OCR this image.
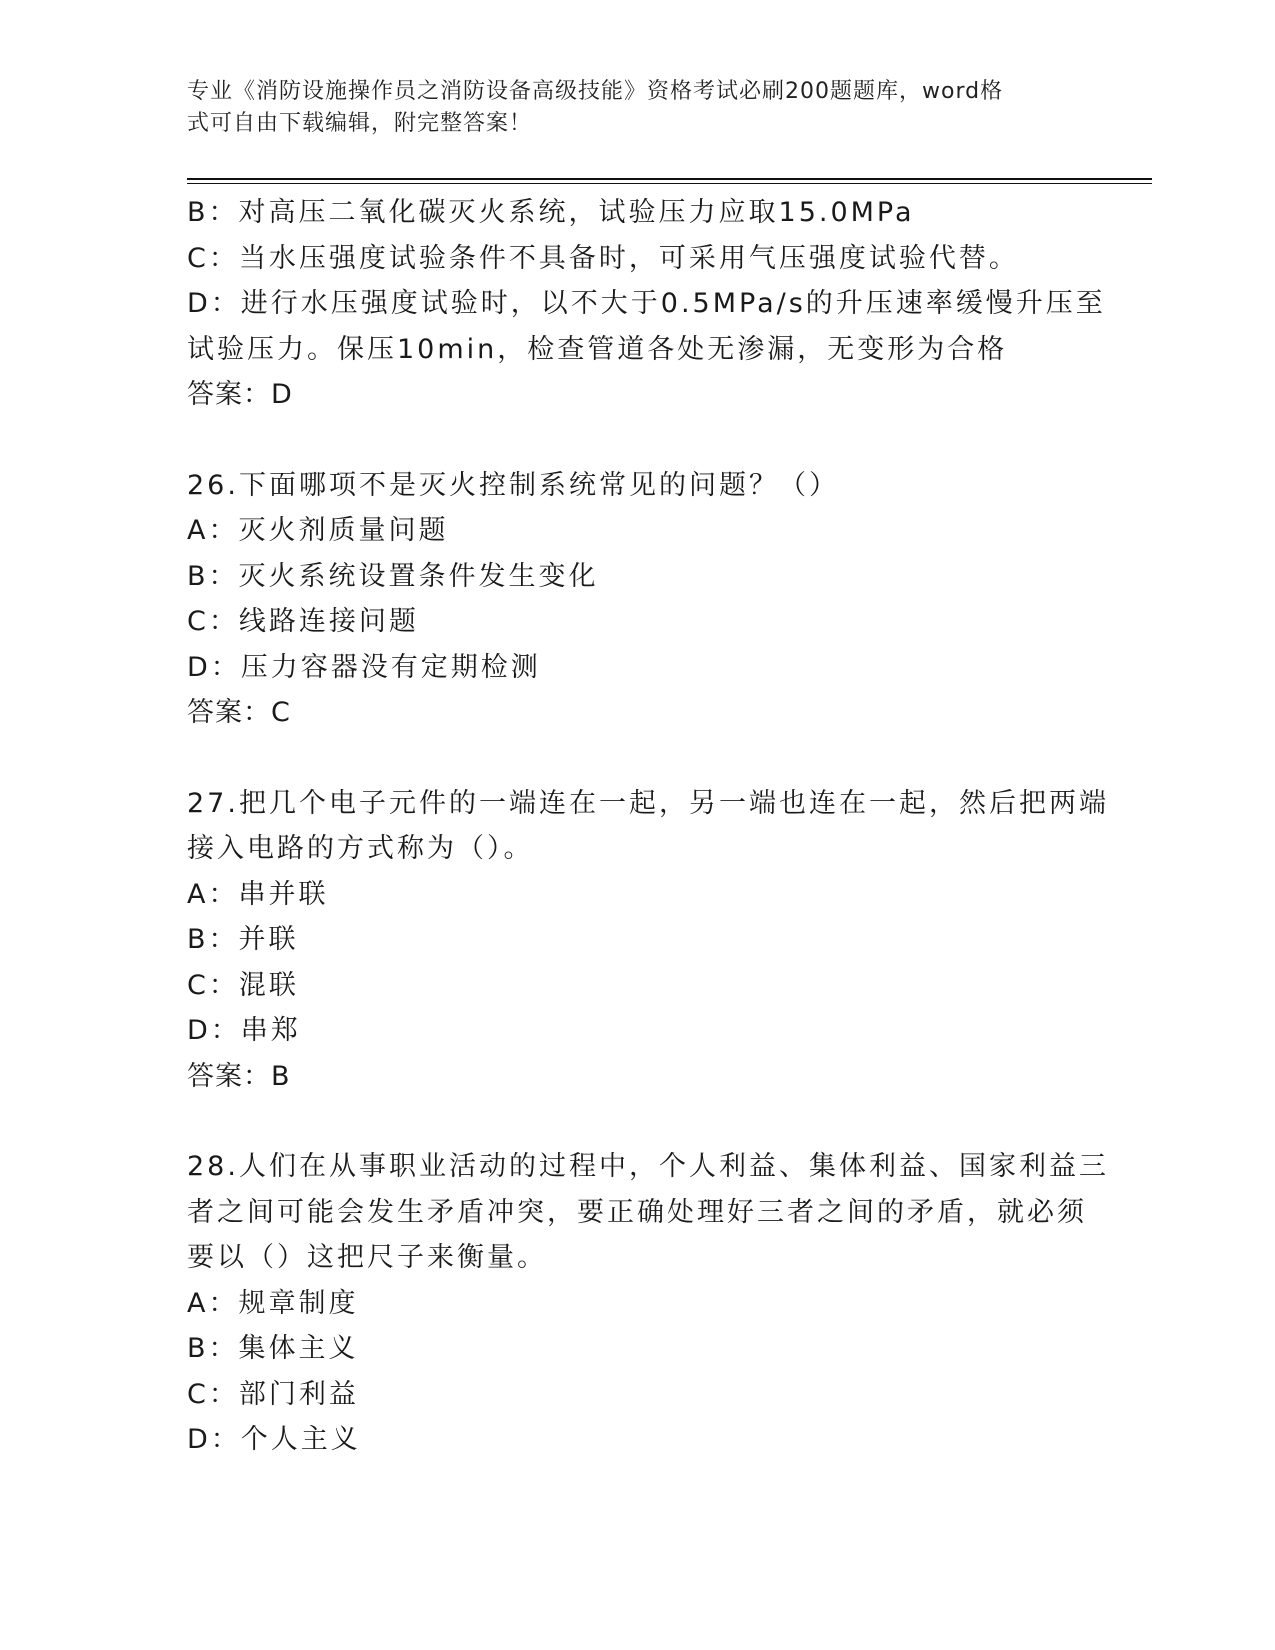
专业《消防设施操作员之消防设备高级技能》资格考试必刷200题题库，word格
式可自由下载编辑，附完整答案！
B：对高压二氧化碳灭火系统，试验压力应取15.0MPa
C：当水压强度试验条件不具备时，可采用气压强度试验代替。
D：进行水压强度试验时，以不大于0.5MPa/s的升压速率缓慢升压至
试验压力。保压10min，检查管道各处无渗漏，无变形为合格
答案：D
26.下面哪项不是灭火控制系统常见的问题？（）
A：灭火剂质量问题
B：灭火系统设置条件发生变化
C：线路连接问题
D：压力容器没有定期检测
答案：C
27.把几个电子元件的一端连在一起，另一端也连在一起，然后把两端
接入电路的方式称为（）。
A：串并联
B：并联
C：混联
D：串郑
答案：B
28.人们在从事职业活动的过程中，个人利益、集体利益、国家利益三
者之间可能会发生矛盾冲突，要正确处理好三者之间的矛盾，就必须
要以（）这把尺子来衡量。
A：规章制度
B：集体主义
C：部门利益
D：个人主义
